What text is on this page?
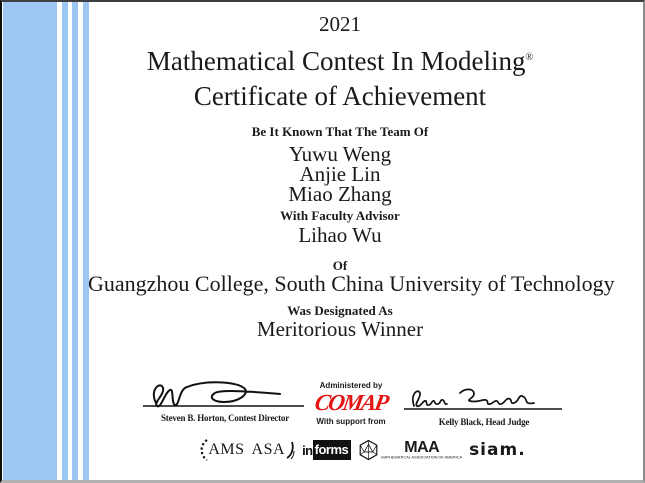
2021
Mathematical Contest In Modeling®
Certificate of Achievement
Be It Known That The Team Of
Yuwu Weng
Anjie Lin
Miao Zhang
With Faculty Advisor
Lihao Wu
Of
Guangzhou College, South China University of Technology
Was Designated As
Meritorious Winner
Steven B. Horton, Contest Director
Administered by
COMAP
With support from	Kelly Black, Head Judge
AMS ASA in forms	MAA
MATHEMATICAL ASSOCIATION OF AMERICA siam.
